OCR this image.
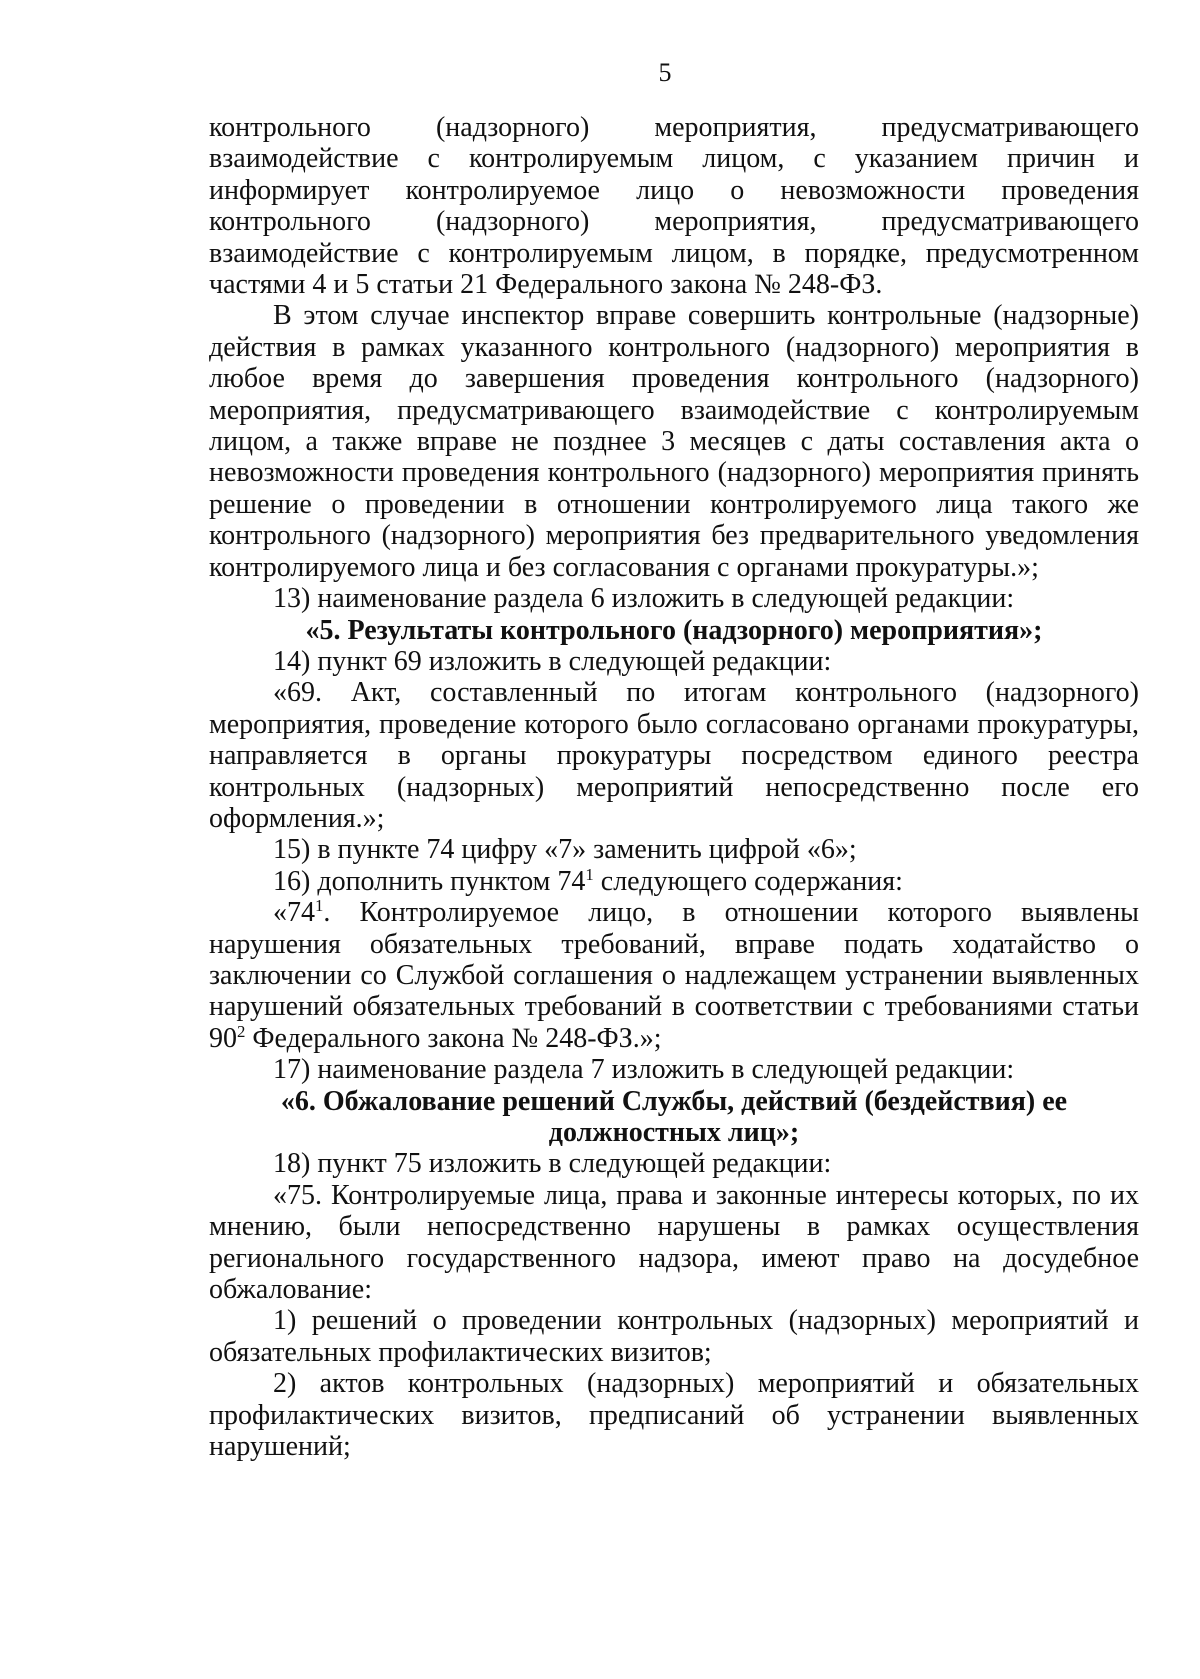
5

контрольного (надзорного) мероприятия, предусматривающего взаимодействие с контролируемым лицом, с указанием причин и информирует контролируемое лицо о невозможности проведения контрольного (надзорного) мероприятия, предусматривающего взаимодействие с контролируемым лицом, в порядке, предусмотренном частями 4 и 5 статьи 21 Федерального закона № 248-ФЗ.

В этом случае инспектор вправе совершить контрольные (надзорные) действия в рамках указанного контрольного (надзорного) мероприятия в любое время до завершения проведения контрольного (надзорного) мероприятия, предусматривающего взаимодействие с контролируемым лицом, а также вправе не позднее 3 месяцев с даты составления акта о невозможности проведения контрольного (надзорного) мероприятия принять решение о проведении в отношении контролируемого лица такого же контрольного (надзорного) мероприятия без предварительного уведомления контролируемого лица и без согласования с органами прокуратуры.»;

13) наименование раздела 6 изложить в следующей редакции:

«5. Результаты контрольного (надзорного) мероприятия»;

14) пункт 69 изложить в следующей редакции:

«69. Акт, составленный по итогам контрольного (надзорного) мероприятия, проведение которого было согласовано органами прокуратуры, направляется в органы прокуратуры посредством единого реестра контрольных (надзорных) мероприятий непосредственно после его оформления.»;

15) в пункте 74 цифру «7» заменить цифрой «6»;

16) дополнить пунктом $74^1$ следующего содержания:

«$74^1$. Контролируемое лицо, в отношении которого выявлены нарушения обязательных требований, вправе подать ходатайство о заключении со Службой соглашения о надлежащем устранении выявленных нарушений обязательных требований в соответствии с требованиями статьи $90^2$ Федерального закона № 248-ФЗ.»;

17) наименование раздела 7 изложить в следующей редакции:

«6. Обжалование решений Службы, действий (бездействия) ее

должностных лиц»;

18) пункт 75 изложить в следующей редакции:

«75. Контролируемые лица, права и законные интересы которых, по их мнению, были непосредственно нарушены в рамках осуществления регионального государственного надзора, имеют право на досудебное обжалование:

1) решений о проведении контрольных (надзорных) мероприятий и обязательных профилактических визитов;

2) актов контрольных (надзорных) мероприятий и обязательных профилактических визитов, предписаний об устранении выявленных нарушений;
